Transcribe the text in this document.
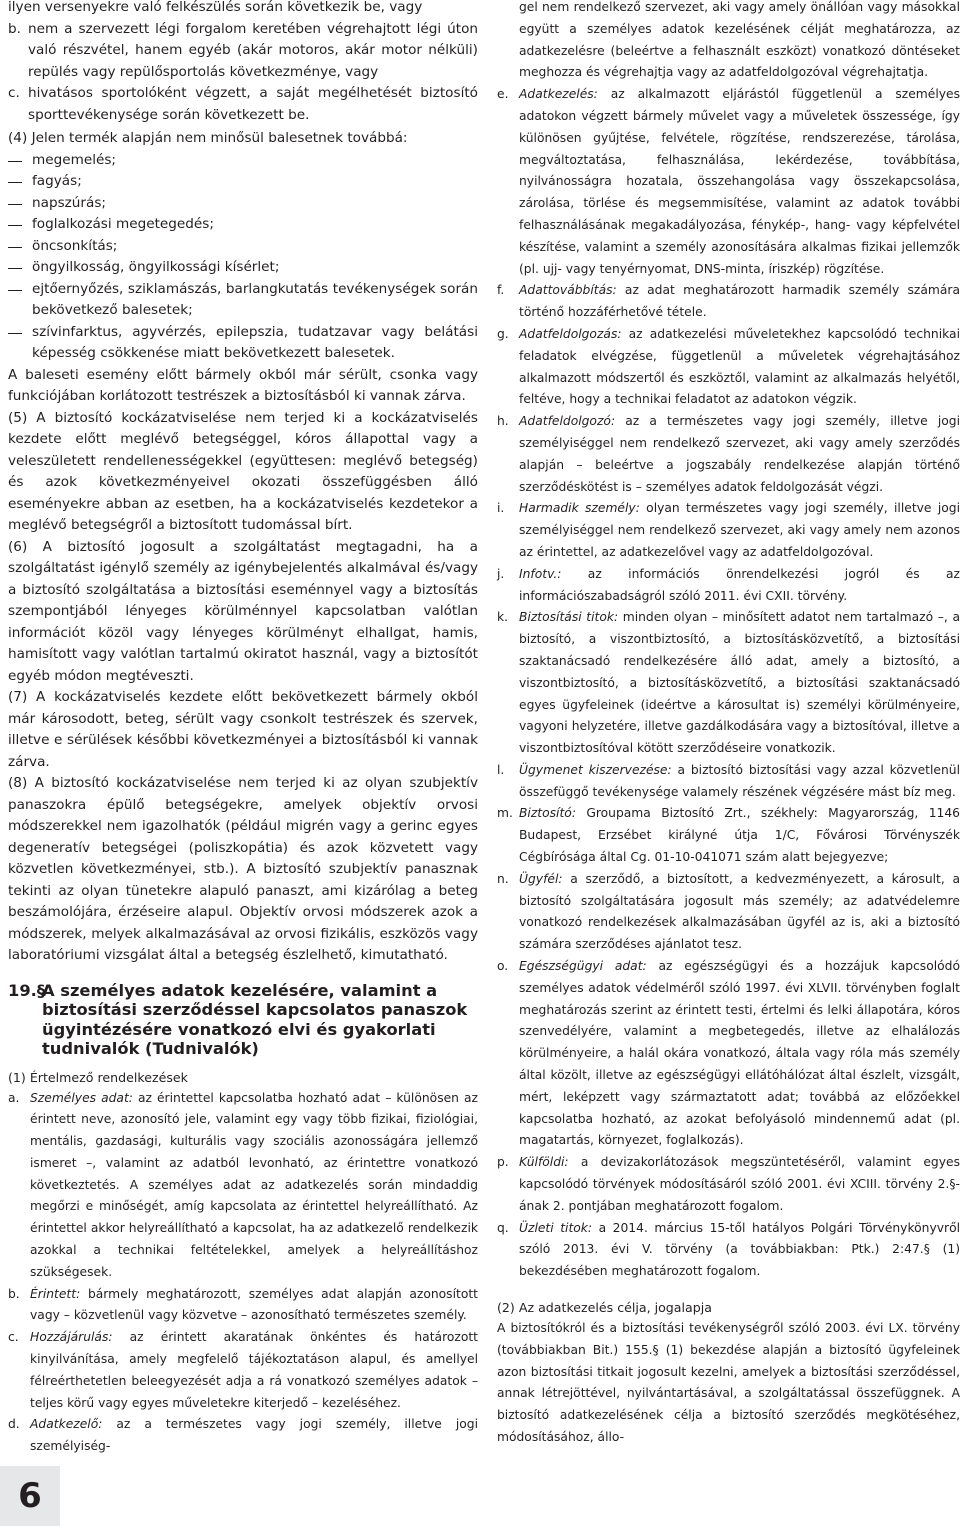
ilyen versenyekre való felkészülés során következik be, vagy

b. nem a szervezett légi forgalom keretében végrehajtott légi úton való részvétel, hanem egyéb (akár motoros, akár motor nélküli) repülés vagy repülősportolás következménye, vagy

c. hivatásos sportolóként végzett, a saját megélhetését biztosító sporttevékenysége során következett be.

(4) Jelen termék alapján nem minősül balesetnek továbbá:

megemelés;

fagyás;

napszúrás;

foglalkozási megetegedés;

öncsonkítás;

öngyilkosság, öngyilkossági kísérlet;

ejtőernyőzés, sziklamászás, barlangkutatás tevékenységek során bekövetkező balesetek;

szívinfarktus, agyvérzés, epilepszia, tudatzavar vagy belátási képesség csökkenése miatt bekövetkezett balesetek.

A baleseti esemény előtt bármely okból már sérült, csonka vagy funkciójában korlátozott testrészek a biztosításból ki vannak zárva.

(5) A biztosító kockázatviselése nem terjed ki a kockázatviselés kezdete előtt meglévő betegséggel, kóros állapottal vagy a veleszületett rendellenességekkel (együttesen: meglévő betegség) és azok következményeivel okozati összefüggésben álló eseményekre abban az esetben, ha a kockázatviselés kezdetekor a meglévő betegségről a biztosított tudomással bírt.

(6) A biztosító jogosult a szolgáltatást megtagadni, ha a szolgáltatást igénylő személy az igénybejelentés alkalmával és/vagy a biztosító szolgáltatása a biztosítási eseménnyel vagy a biztosítás szempontjából lényeges körülménnyel kapcsolatban valótlan információt közöl vagy lényeges körülményt elhallgat, hamis, hamisított vagy valótlan tartalmú okiratot használ, vagy a biztosítót egyéb módon megtéveszti.

(7) A kockázatviselés kezdete előtt bekövetkezett bármely okból már károsodott, beteg, sérült vagy csonkolt testrészek és szervek, illetve e sérülések későbbi következményei a biztosításból ki vannak zárva.

(8) A biztosító kockázatviselése nem terjed ki az olyan szubjektív panaszokra épülő betegségekre, amelyek objektív orvosi módszerekkel nem igazolhatók (például migrén vagy a gerinc egyes degeneratív betegségei (poliszkopátia) és azok közvetett vagy közvetlen következményei, stb.). A biztosító szubjektív panasznak tekinti az olyan tünetekre alapuló panaszt, ami kizárólag a beteg beszámolójára, érzéseire alapul. Objektív orvosi módszerek azok a módszerek, melyek alkalmazásával az orvosi fizikális, eszközös vagy laboratóriumi vizsgálat által a betegség észlelhető, kimutatható.

19.§
A személyes adatok kezelésére, valamint a biztosítási szerződéssel kapcsolatos panaszok ügyintézésére vonatkozó elvi és gyakorlati tudnivalók (Tudnivalók)

(1) Értelmező rendelkezések

a. Személyes adat: az érintettel kapcsolatba hozható adat – különösen az érintett neve, azonosító jele, valamint egy vagy több fizikai, fiziológiai, mentális, gazdasági, kulturális vagy szociális azonosságára jellemző ismeret –, valamint az adatból levonható, az érintettre vonatkozó következtetés. A személyes adat az adatkezelés során mindaddig megőrzi e minőségét, amíg kapcsolata az érintettel helyreállítható. Az érintettel akkor helyreállítható a kapcsolat, ha az adatkezelő rendelkezik azokkal a technikai feltételekkel, amelyek a helyreállításhoz szükségesek.

b. Érintett: bármely meghatározott, személyes adat alapján azonosított vagy – közvetlenül vagy közvetve – azonosítható természetes személy.

c. Hozzájárulás: az érintett akaratának önkéntes és határozott kinyilvánítása, amely megfelelő tájékoztatáson alapul, és amellyel félreérthetetlen beleegyezését adja a rá vonatkozó személyes adatok – teljes körű vagy egyes műveletekre kiterjedő – kezeléséhez.

d. Adatkezelő: az a természetes vagy jogi személy, illetve jogi személyiség-

6

gel nem rendelkező szervezet, aki vagy amely önállóan vagy másokkal együtt a személyes adatok kezelésének célját meghatározza, az adatkezelésre (beleértve a felhasznált eszközt) vonatkozó döntéseket meghozza és végrehajtja vagy az adatfeldolgozóval végrehajtatja.

e. Adatkezelés: az alkalmazott eljárástól függetlenül a személyes adatokon végzett bármely művelet vagy a műveletek összessége, így különösen gyűjtése, felvétele, rögzítése, rendszerezése, tárolása, megváltoztatása, felhasználása, lekérdezése, továbbítása, nyilvánosságra hozatala, összehangolása vagy összekapcsolása, zárolása, törlése és megsemmisítése, valamint az adatok további felhasználásának megakadályozása, fénykép-, hang- vagy képfelvétel készítése, valamint a személy azonosítására alkalmas fizikai jellemzők (pl. ujj- vagy tenyérnyomat, DNS-minta, íriszkép) rögzítése.

f. Adattovábbítás: az adat meghatározott harmadik személy számára történő hozzáférhetővé tétele.

g. Adatfeldolgozás: az adatkezelési műveletekhez kapcsolódó technikai feladatok elvégzése, függetlenül a műveletek végrehajtásához alkalmazott módszertől és eszköztől, valamint az alkalmazás helyétől, feltéve, hogy a technikai feladatot az adatokon végzik.

h. Adatfeldolgozó: az a természetes vagy jogi személy, illetve jogi személyiséggel nem rendelkező szervezet, aki vagy amely szerződés alapján – beleértve a jogszabály rendelkezése alapján történő szerződéskötést is – személyes adatok feldolgozását végzi.

i. Harmadik személy: olyan természetes vagy jogi személy, illetve jogi személyiséggel nem rendelkező szervezet, aki vagy amely nem azonos az érintettel, az adatkezelővel vagy az adatfeldolgozóval.

j. Infotv.: az információs önrendelkezési jogról és az információszabadságról szóló 2011. évi CXII. törvény.

k. Biztosítási titok: minden olyan – minősített adatot nem tartalmazó –, a biztosító, a viszontbiztosító, a biztosításközvetítő, a biztosítási szaktanácsadó rendelkezésére álló adat, amely a biztosító, a viszontbiztosító, a biztosításközvetítő, a biztosítási szaktanácsadó egyes ügyfeleinek (ideértve a károsultat is) személyi körülményeire, vagyoni helyzetére, illetve gazdálkodására vagy a biztosítóval, illetve a viszontbiztosítóval kötött szerződéseire vonatkozik.

l. Ügymenet kiszervezése: a biztosító biztosítási vagy azzal közvetlenül összefüggő tevékenysége valamely részének végzésére mást bíz meg.

m. Biztosító: Groupama Biztosító Zrt., székhely: Magyarország, 1146 Budapest, Erzsébet királyné útja 1/C, Fővárosi Törvényszék Cégbírósága által Cg. 01-10-041071 szám alatt bejegyezve;

n. Ügyfél: a szerződő, a biztosított, a kedvezményezett, a károsult, a biztosító szolgáltatására jogosult más személy; az adatvédelemre vonatkozó rendelkezések alkalmazásában ügyfél az is, aki a biztosító számára szerződéses ajánlatot tesz.

o. Egészségügyi adat: az egészségügyi és a hozzájuk kapcsolódó személyes adatok védelméről szóló 1997. évi XLVII. törvényben foglalt meghatározás szerint az érintett testi, értelmi és lelki állapotára, kóros szenvedélyére, valamint a megbetegedés, illetve az elhalálozás körülményeire, a halál okára vonatkozó, általa vagy róla más személy által közölt, illetve az egészségügyi ellátóhálózat által észlelt, vizsgált, mért, leképzett vagy származtatott adat; továbbá az előzőekkel kapcsolatba hozható, az azokat befolyásoló mindennemű adat (pl. magatartás, környezet, foglalkozás).

p. Külföldi: a devizakorlátozások megszüntetéséről, valamint egyes kapcsolódó törvények módosításáról szóló 2001. évi XCIII. törvény 2.§-ának 2. pontjában meghatározott fogalom.

q. Üzleti titok: a 2014. március 15-től hatályos Polgári Törvénykönyvről szóló 2013. évi V. törvény (a továbbiakban: Ptk.) 2:47.§ (1) bekezdésében meghatározott fogalom.

(2) Az adatkezelés célja, jogalapja

A biztosítókról és a biztosítási tevékenységről szóló 2003. évi LX. törvény (továbbiakban Bit.) 155.§ (1) bekezdése alapján a biztosító ügyfeleinek azon biztosítási titkait jogosult kezelni, amelyek a biztosítási szerződéssel, annak létrejöttével, nyilvántartásával, a szolgáltatással összefüggnek. A biztosító adatkezelésének célja a biztosító szerződés megkötéséhez, módosításához, állo-
